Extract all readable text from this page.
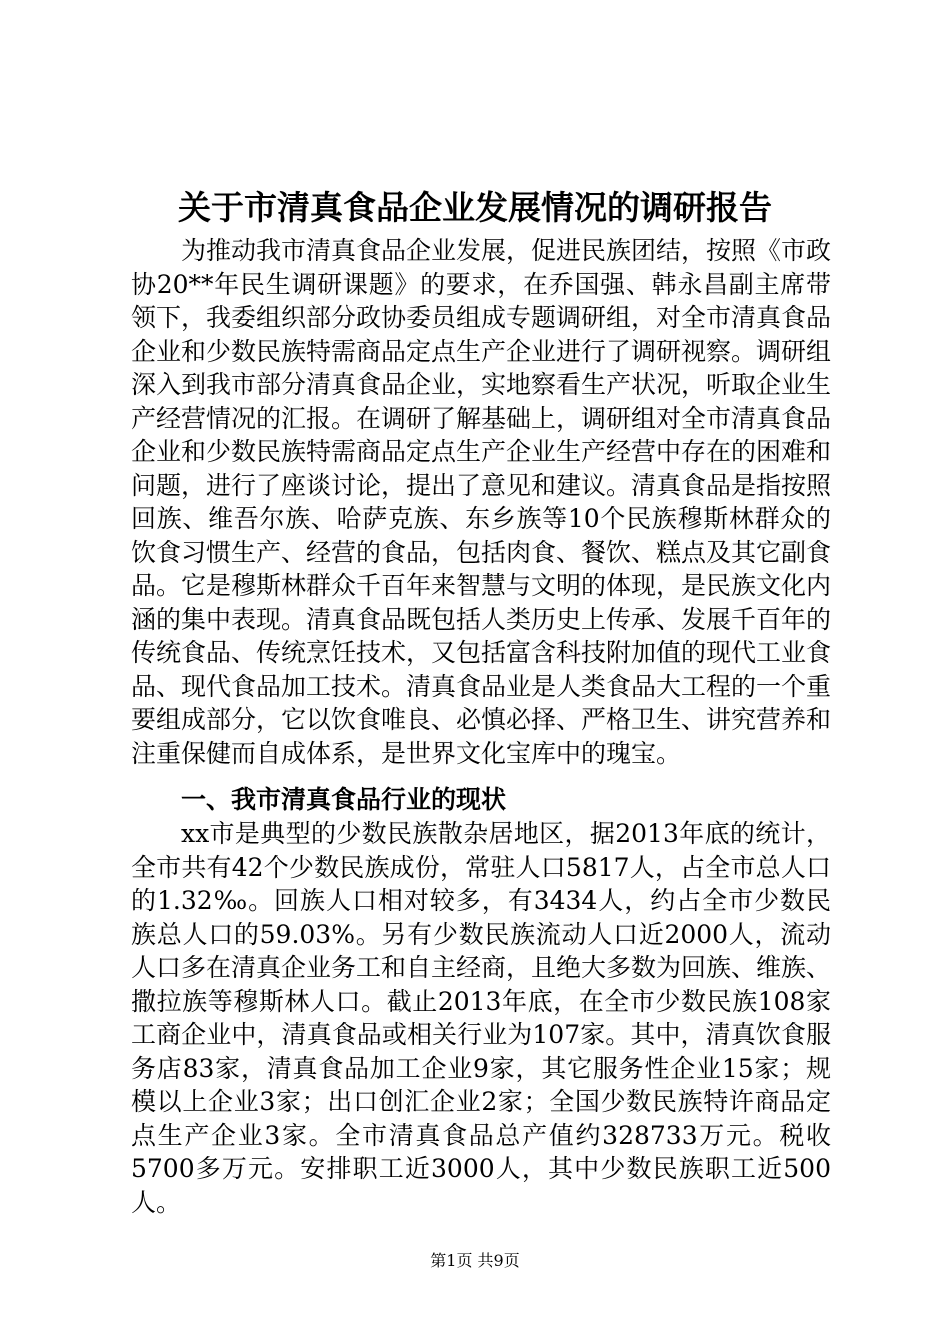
关于市清真食品企业发展情况的调研报告

为推动我市清真食品企业发展，促进民族团结，按照《市政协20**年民生调研课题》的要求，在乔国强、韩永昌副主席带领下，我委组织部分政协委员组成专题调研组，对全市清真食品企业和少数民族特需商品定点生产企业进行了调研视察。调研组深入到我市部分清真食品企业，实地察看生产状况，听取企业生产经营情况的汇报。在调研了解基础上，调研组对全市清真食品企业和少数民族特需商品定点生产企业生产经营中存在的困难和问题，进行了座谈讨论，提出了意见和建议。清真食品是指按照回族、维吾尔族、哈萨克族、东乡族等10个民族穆斯林群众的饮食习惯生产、经营的食品，包括肉食、餐饮、糕点及其它副食品。它是穆斯林群众千百年来智慧与文明的体现，是民族文化内涵的集中表现。清真食品既包括人类历史上传承、发展千百年的传统食品、传统烹饪技术，又包括富含科技附加值的现代工业食品、现代食品加工技术。清真食品业是人类食品大工程的一个重要组成部分，它以饮食唯良、必慎必择、严格卫生、讲究营养和注重保健而自成体系，是世界文化宝库中的瑰宝。

一、我市清真食品行业的现状

xx市是典型的少数民族散杂居地区，据2013年底的统计，全市共有42个少数民族成份，常驻人口5817人，占全市总人口的1.32‰。回族人口相对较多，有3434人，约占全市少数民族总人口的59.03%。另有少数民族流动人口近2000人，流动人口多在清真企业务工和自主经商，且绝大多数为回族、维族、撒拉族等穆斯林人口。截止2013年底，在全市少数民族108家工商企业中，清真食品或相关行业为107家。其中，清真饮食服务店83家，清真食品加工企业9家，其它服务性企业15家；规模以上企业3家；出口创汇企业2家；全国少数民族特许商品定点生产企业3家。全市清真食品总产值约328733万元。税收5700多万元。安排职工近3000人，其中少数民族职工近500人。

第1页 共9页
